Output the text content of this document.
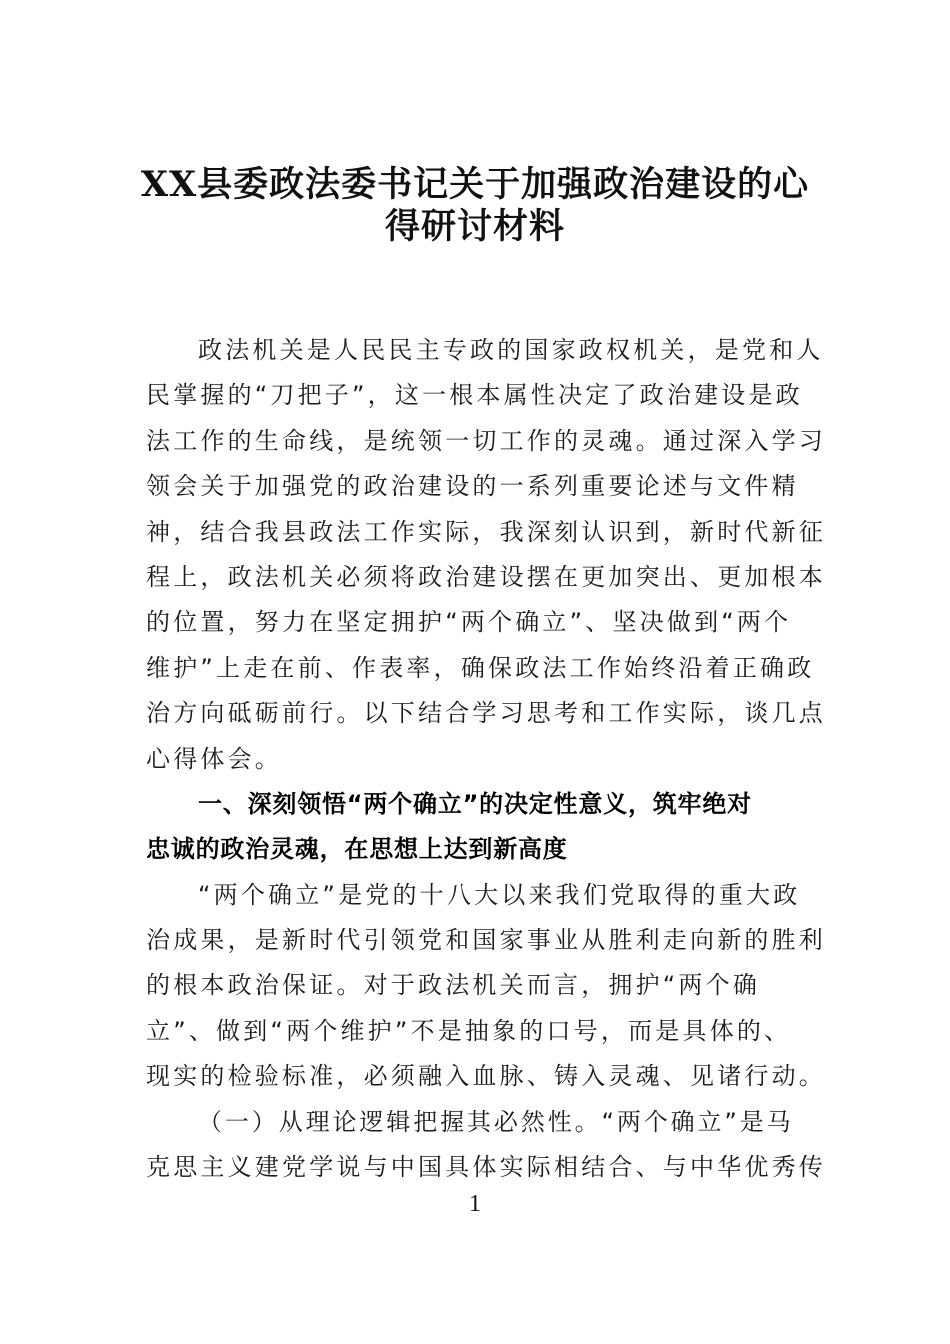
XX县委政法委书记关于加强政治建设的心
得研讨材料
政法机关是人民民主专政的国家政权机关，是党和人
民掌握的“刀把子”，这一根本属性决定了政治建设是政
法工作的生命线，是统领一切工作的灵魂。通过深入学习
领会关于加强党的政治建设的一系列重要论述与文件精
神，结合我县政法工作实际，我深刻认识到，新时代新征
程上，政法机关必须将政治建设摆在更加突出、更加根本
的位置，努力在坚定拥护“两个确立”、坚决做到“两个
维护”上走在前、作表率，确保政法工作始终沿着正确政
治方向砥砺前行。以下结合学习思考和工作实际，谈几点
心得体会。
一、深刻领悟“两个确立”的决定性意义，筑牢绝对
忠诚的政治灵魂，在思想上达到新高度
“两个确立”是党的十八大以来我们党取得的重大政
治成果，是新时代引领党和国家事业从胜利走向新的胜利
的根本政治保证。对于政法机关而言，拥护“两个确
立”、做到“两个维护”不是抽象的口号，而是具体的、
现实的检验标准，必须融入血脉、铸入灵魂、见诸行动。
（一）从理论逻辑把握其必然性。“两个确立”是马
克思主义建党学说与中国具体实际相结合、与中华优秀传
1
